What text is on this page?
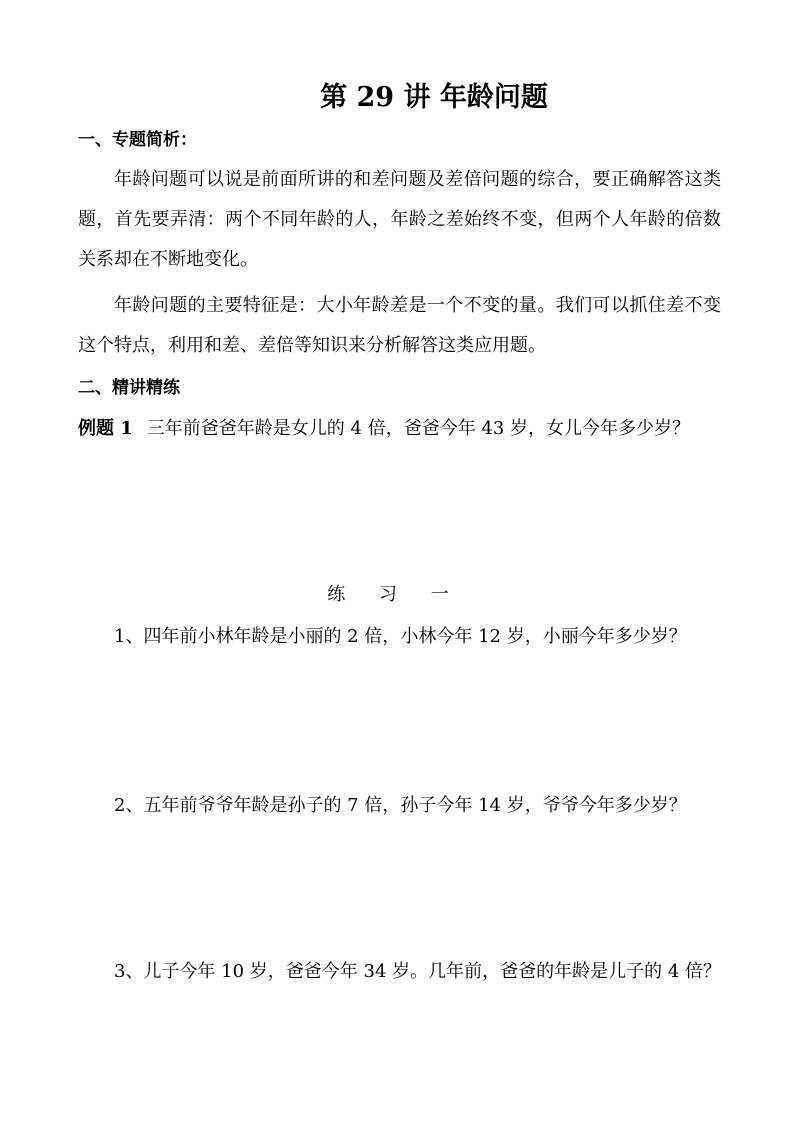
第 29 讲 年龄问题
一、专题简析：
年龄问题可以说是前面所讲的和差问题及差倍问题的综合，要正确解答这类题，首先要弄清：两个不同年龄的人，年龄之差始终不变，但两个人年龄的倍数关系却在不断地变化。
年龄问题的主要特征是：大小年龄差是一个不变的量。我们可以抓住差不变这个特点，利用和差、差倍等知识来分析解答这类应用题。
二、精讲精练
例题 1 三年前爸爸年龄是女儿的 4 倍，爸爸今年 43 岁，女儿今年多少岁？
练 习 一
1、四年前小林年龄是小丽的 2 倍，小林今年 12 岁，小丽今年多少岁？
2、五年前爷爷年龄是孙子的 7 倍，孙子今年 14 岁，爷爷今年多少岁？
3、儿子今年 10 岁，爸爸今年 34 岁。几年前，爸爸的年龄是儿子的 4 倍？
